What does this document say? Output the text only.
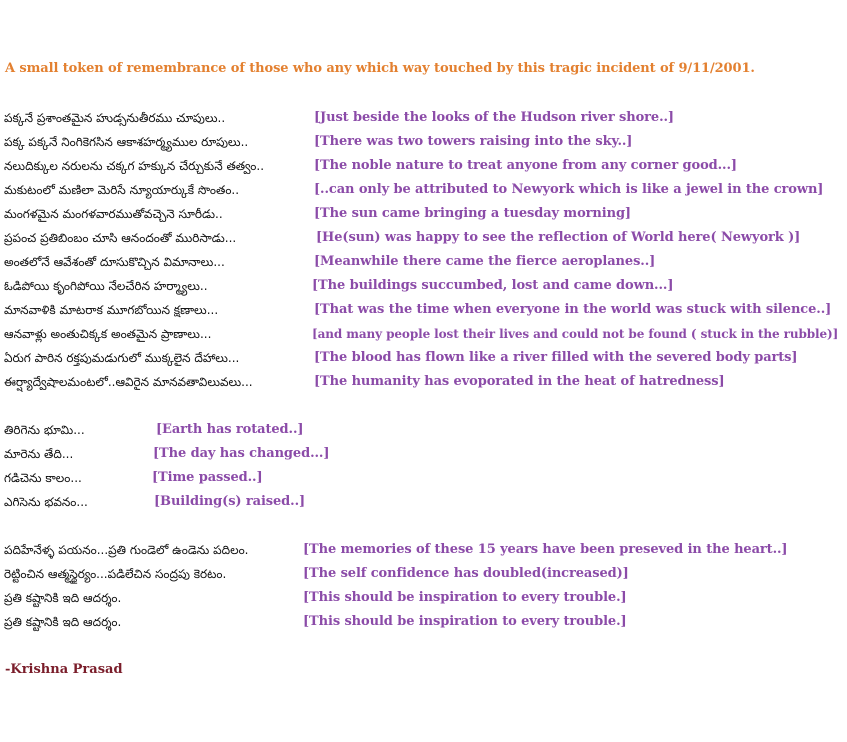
A small token of remembrance of those who any which way touched by this tragic incident of 9/11/2001.
పక్కనే ప్రశాంతమైన హుడ్సనుతీరము చూపులు..	[Just beside the looks of the Hudson river shore..]
పక్క పక్కనే నింగికెగసిన ఆకాశహర్మ్యముల రూపులు..	[There was two towers raising into the sky..]
నలుదిక్కుల నరులను చక్కగ హక్కున చేర్చుకునే తత్వం..	[The noble nature to treat anyone from any corner good...]
మకుటంలో మణిలా మెరిసే న్యూయార్కుకే సొంతం..	[..can only be attributed to Newyork which is like a jewel in the crown]
మంగళమైన మంగళవారముతోవచ్చెనె సూరీడు..	[The sun came bringing a tuesday morning]
ప్రపంచ ప్రతిబింబం చూసి ఆనందంతో మురిసాడు...	[He(sun) was happy to see the reflection of World here( Newyork )]
అంతలోనే ఆవేశంతో దూసుకొచ్చిన విమానాలు...	[Meanwhile there came the fierce aeroplanes..]
ఓడిపోయి కృంగిపోయి నేలచేరిన హర్మ్యాలు..	[The buildings succumbed, lost and came down...]
మానవాళికి మాటరాక మూగబోయిన క్షణాలు...	[That was the time when everyone in the world was stuck with silence..]
ఆనవాళ్లు అంతుచిక్కక అంతమైన ప్రాణాలు...	[and many people lost their lives and could not be found ( stuck in the rubble)]
ఏరుగ పారిన రక్తపుమడుగులో ముక్కలైన దేహాలు...	[The blood has flown like a river filled with the severed body parts]
ఈర్ష్యాద్వేషాలమంటలో..ఆవిరైన మానవతావిలువలు...	[The humanity has evoporated in the heat of hatredness]
తిరిగెను భూమి...	[Earth has rotated..]
మారెను తేది...	[The day has changed...]
గడిచెను కాలం...	[Time passed..]
ఎగిసెను భవనం...	[Building(s) raised..]
పదిహేనేళ్ళ పయనం...ప్రతి గుండెలో ఉండెను పదిలం.	[The memories of these 15 years have been preseved in the heart..]
రెట్టించిన ఆత్మస్థైర్యం...పడిలేచిన సంద్రపు కెరటం.	[The self confidence has doubled(increased)]
ప్రతి కష్టానికి ఇది ఆదర్శం.	[This should be inspiration to every trouble.]
ప్రతి కష్టానికి ఇది ఆదర్శం.	[This should be inspiration to every trouble.]
-Krishna Prasad
